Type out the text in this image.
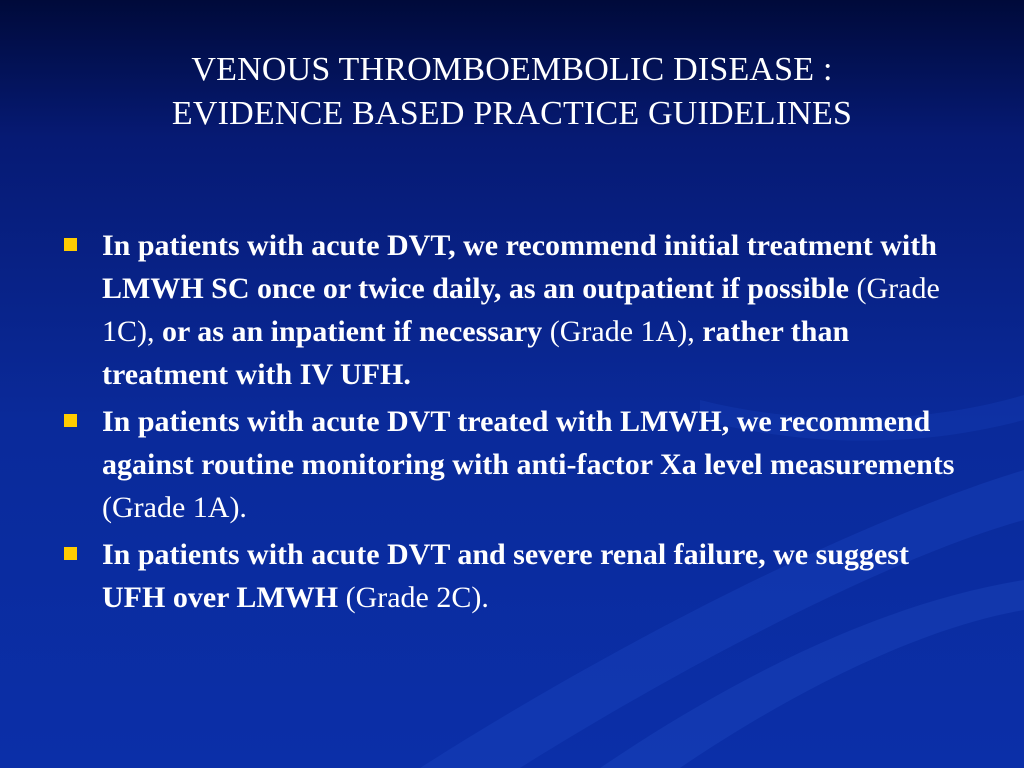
VENOUS THROMBOEMBOLIC DISEASE :
EVIDENCE BASED PRACTICE GUIDELINES
In patients with acute DVT, we recommend initial treatment with LMWH SC once or twice daily, as an outpatient if possible (Grade 1C), or as an inpatient if necessary (Grade 1A), rather than treatment with IV UFH.
In patients with acute DVT treated with LMWH, we recommend against routine monitoring with anti-factor Xa level measurements (Grade 1A).
In patients with acute DVT and severe renal failure, we suggest UFH over LMWH (Grade 2C).
